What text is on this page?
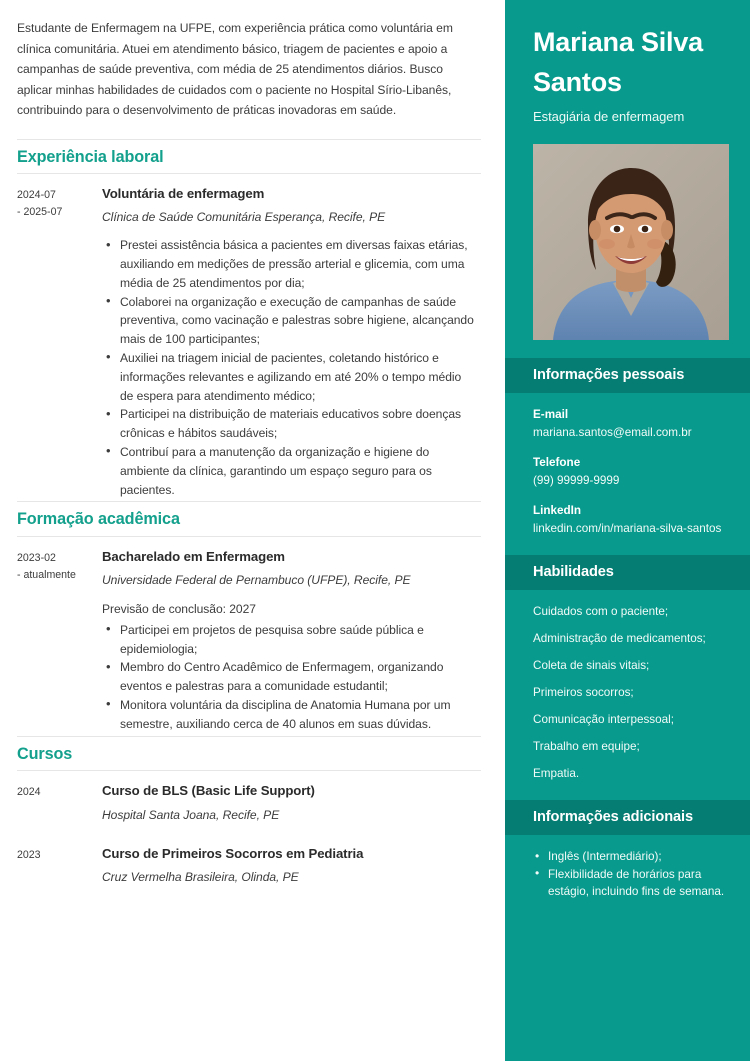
Estudante de Enfermagem na UFPE, com experiência prática como voluntária em clínica comunitária. Atuei em atendimento básico, triagem de pacientes e apoio a campanhas de saúde preventiva, com média de 25 atendimentos diários. Busco aplicar minhas habilidades de cuidados com o paciente no Hospital Sírio-Libanês, contribuindo para o desenvolvimento de práticas inovadoras em saúde.
Experiência laboral
2024-07
- 2025-07
Voluntária de enfermagem
Clínica de Saúde Comunitária Esperança, Recife, PE
• Prestei assistência básica a pacientes em diversas faixas etárias, auxiliando em medições de pressão arterial e glicemia, com uma média de 25 atendimentos por dia;
• Colaborei na organização e execução de campanhas de saúde preventiva, como vacinação e palestras sobre higiene, alcançando mais de 100 participantes;
• Auxiliei na triagem inicial de pacientes, coletando histórico e informações relevantes e agilizando em até 20% o tempo médio de espera para atendimento médico;
• Participei na distribuição de materiais educativos sobre doenças crônicas e hábitos saudáveis;
• Contribuí para a manutenção da organização e higiene do ambiente da clínica, garantindo um espaço seguro para os pacientes.
Formação acadêmica
2023-02
- atualmente
Bacharelado em Enfermagem
Universidade Federal de Pernambuco (UFPE), Recife, PE
Previsão de conclusão: 2027
• Participei em projetos de pesquisa sobre saúde pública e epidemiologia;
• Membro do Centro Acadêmico de Enfermagem, organizando eventos e palestras para a comunidade estudantil;
• Monitora voluntária da disciplina de Anatomia Humana por um semestre, auxiliando cerca de 40 alunos em suas dúvidas.
Cursos
2024	Curso de BLS (Basic Life Support)
Hospital Santa Joana, Recife, PE
2023	Curso de Primeiros Socorros em Pediatria
Cruz Vermelha Brasileira, Olinda, PE
Mariana Silva Santos
Estagiária de enfermagem
Informações pessoais
E-mail
mariana.santos@email.com.br
Telefone
(99) 99999-9999
LinkedIn
linkedin.com/in/mariana-silva-santos
Habilidades
Cuidados com o paciente;
Administração de medicamentos;
Coleta de sinais vitais;
Primeiros socorros;
Comunicação interpessoal;
Trabalho em equipe;
Empatia.
Informações adicionais
• Inglês (Intermediário);
• Flexibilidade de horários para estágio, incluindo fins de semana.
